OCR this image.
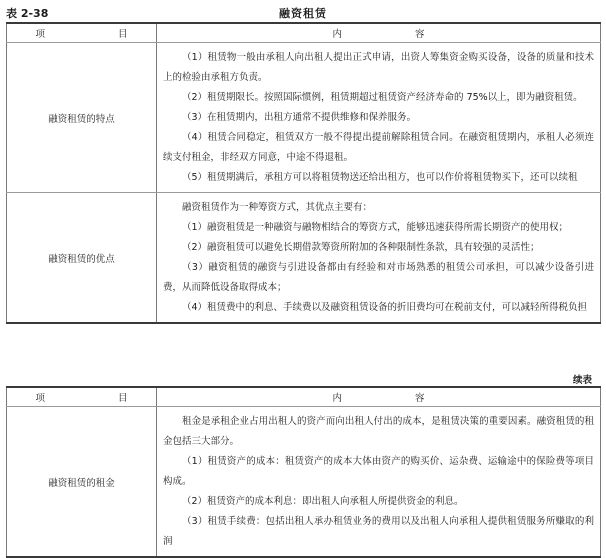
表 2-38	融资租赁
项　　目	内　　容
融资租赁的特点	（1）租赁物一般由承租人向出租人提出正式申请，出资人筹集资金购买设备，设备的质量和技术上的检验由承租方负责。

（2）租赁期限长。按照国际惯例，租赁期超过租赁资产经济寿命的 75%以上，即为融资租赁。

（3）在租赁期内，出租方通常不提供维修和保养服务。

（4）租赁合同稳定，租赁双方一般不得提出提前解除租赁合同。在融资租赁期内，承租人必须连续支付租金，非经双方同意，中途不得退租。

（5）租赁期满后，承租方可以将租赁物送还给出租方，也可以作价将租赁物买下，还可以续租

融资租赁的优点	融资租赁作为一种筹资方式，其优点主要有：

（1）融资租赁是一种融资与融物相结合的筹资方式，能够迅速获得所需长期资产的使用权；

（2）融资租赁可以避免长期借款筹资所附加的各种限制性条款，具有较强的灵活性；

（3）融资租赁的融资与引进设备都由有经验和对市场熟悉的租赁公司承担，可以减少设备引进费，从而降低设备取得成本；

（4）租赁费中的利息、手续费以及融资租赁设备的折旧费均可在税前支付，可以减轻所得税负担

续表
项　　目	内　　容
融资租赁的租金	租金是承租企业占用出租人的资产而向出租人付出的成本，是租赁决策的重要因素。融资租赁的租金包括三大部分。

（1）租赁资产的成本：租赁资产的成本大体由资产的购买价、运杂费、运输途中的保险费等项目构成。

（2）租赁资产的成本利息：即出租人向承租人所提供资金的利息。

（3）租赁手续费：包括出租人承办租赁业务的费用以及出租人向承租人提供租赁服务所赚取的利润
